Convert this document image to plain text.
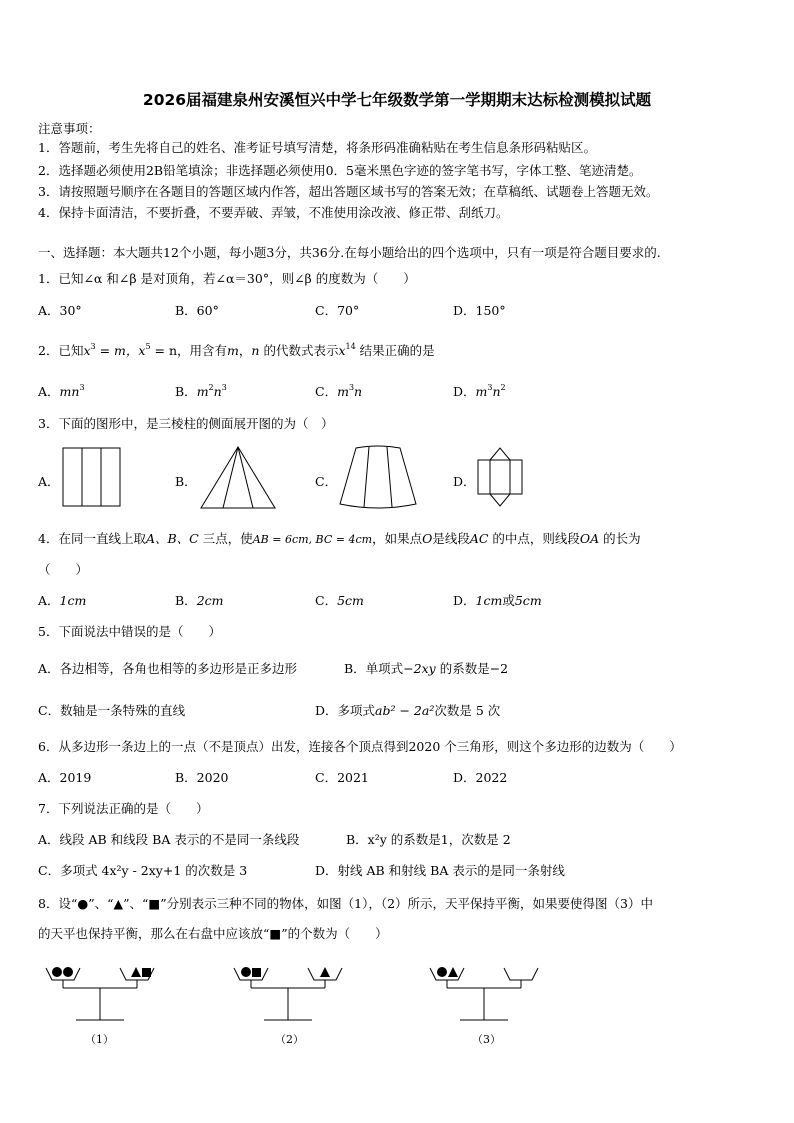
2026届福建泉州安溪恒兴中学七年级数学第一学期期末达标检测模拟试题
注意事项：
1．答题前，考生先将自己的姓名、准考证号填写清楚，将条形码准确粘贴在考生信息条形码粘贴区。
2．选择题必须使用2B铅笔填涂；非选择题必须使用0．5毫米黑色字迹的签字笔书写，字体工整、笔迹清楚。
3．请按照题号顺序在各题目的答题区域内作答，超出答题区域书写的答案无效；在草稿纸、试题卷上答题无效。
4．保持卡面清洁，不要折叠，不要弄破、弄皱，不准使用涂改液、修正带、刮纸刀。
一、选择题：本大题共12个小题，每小题3分，共36分.在每小题给出的四个选项中，只有一项是符合题目要求的.
1．已知∠α 和∠β 是对顶角，若∠α＝30°，则∠β 的度数为（　　）
A．30°	B．60°	C．70°	D．150°
2．已知$x^3 = m$，$x^5 = n$，用含有m，n 的代数式表示$x^{14}$ 结果正确的是
A．$mn^3$	B．$m^2n^3$	C．$m^3n$	D．$m^3n^2$
3．下面的图形中，是三棱柱的侧面展开图的为（　）
A．	B．	C．	D．
4．在同一直线上取A、B、C 三点，使AB = 6cm, BC = 4cm，如果点O是线段AC 的中点，则线段OA 的长为
（　　）
A．1cm	B．2cm	C．5cm	D．1cm或5cm
5．下面说法中错误的是（　　）
A．各边相等，各角也相等的多边形是正多边形	B．单项式−2xy 的系数是−2
C．数轴是一条特殊的直线	D．多项式ab² − 2a²次数是 5 次
6．从多边形一条边上的一点（不是顶点）出发，连接各个顶点得到2020 个三角形，则这个多边形的边数为（　　）
A．2019	B．2020	C．2021	D．2022
7．下列说法正确的是（　　）
A．线段 AB 和线段 BA 表示的不是同一条线段	B．x²y 的系数是1，次数是 2
C．多项式 4x²y - 2xy+1 的次数是 3	D．射线 AB 和射线 BA 表示的是同一条射线
8．设“●”、“▲”、“■”分别表示三种不同的物体，如图（1），（2）所示，天平保持平衡，如果要使得图（3）中
的天平也保持平衡，那么在右盘中应该放“■”的个数为（　　）
（1）	（2）	（3）
